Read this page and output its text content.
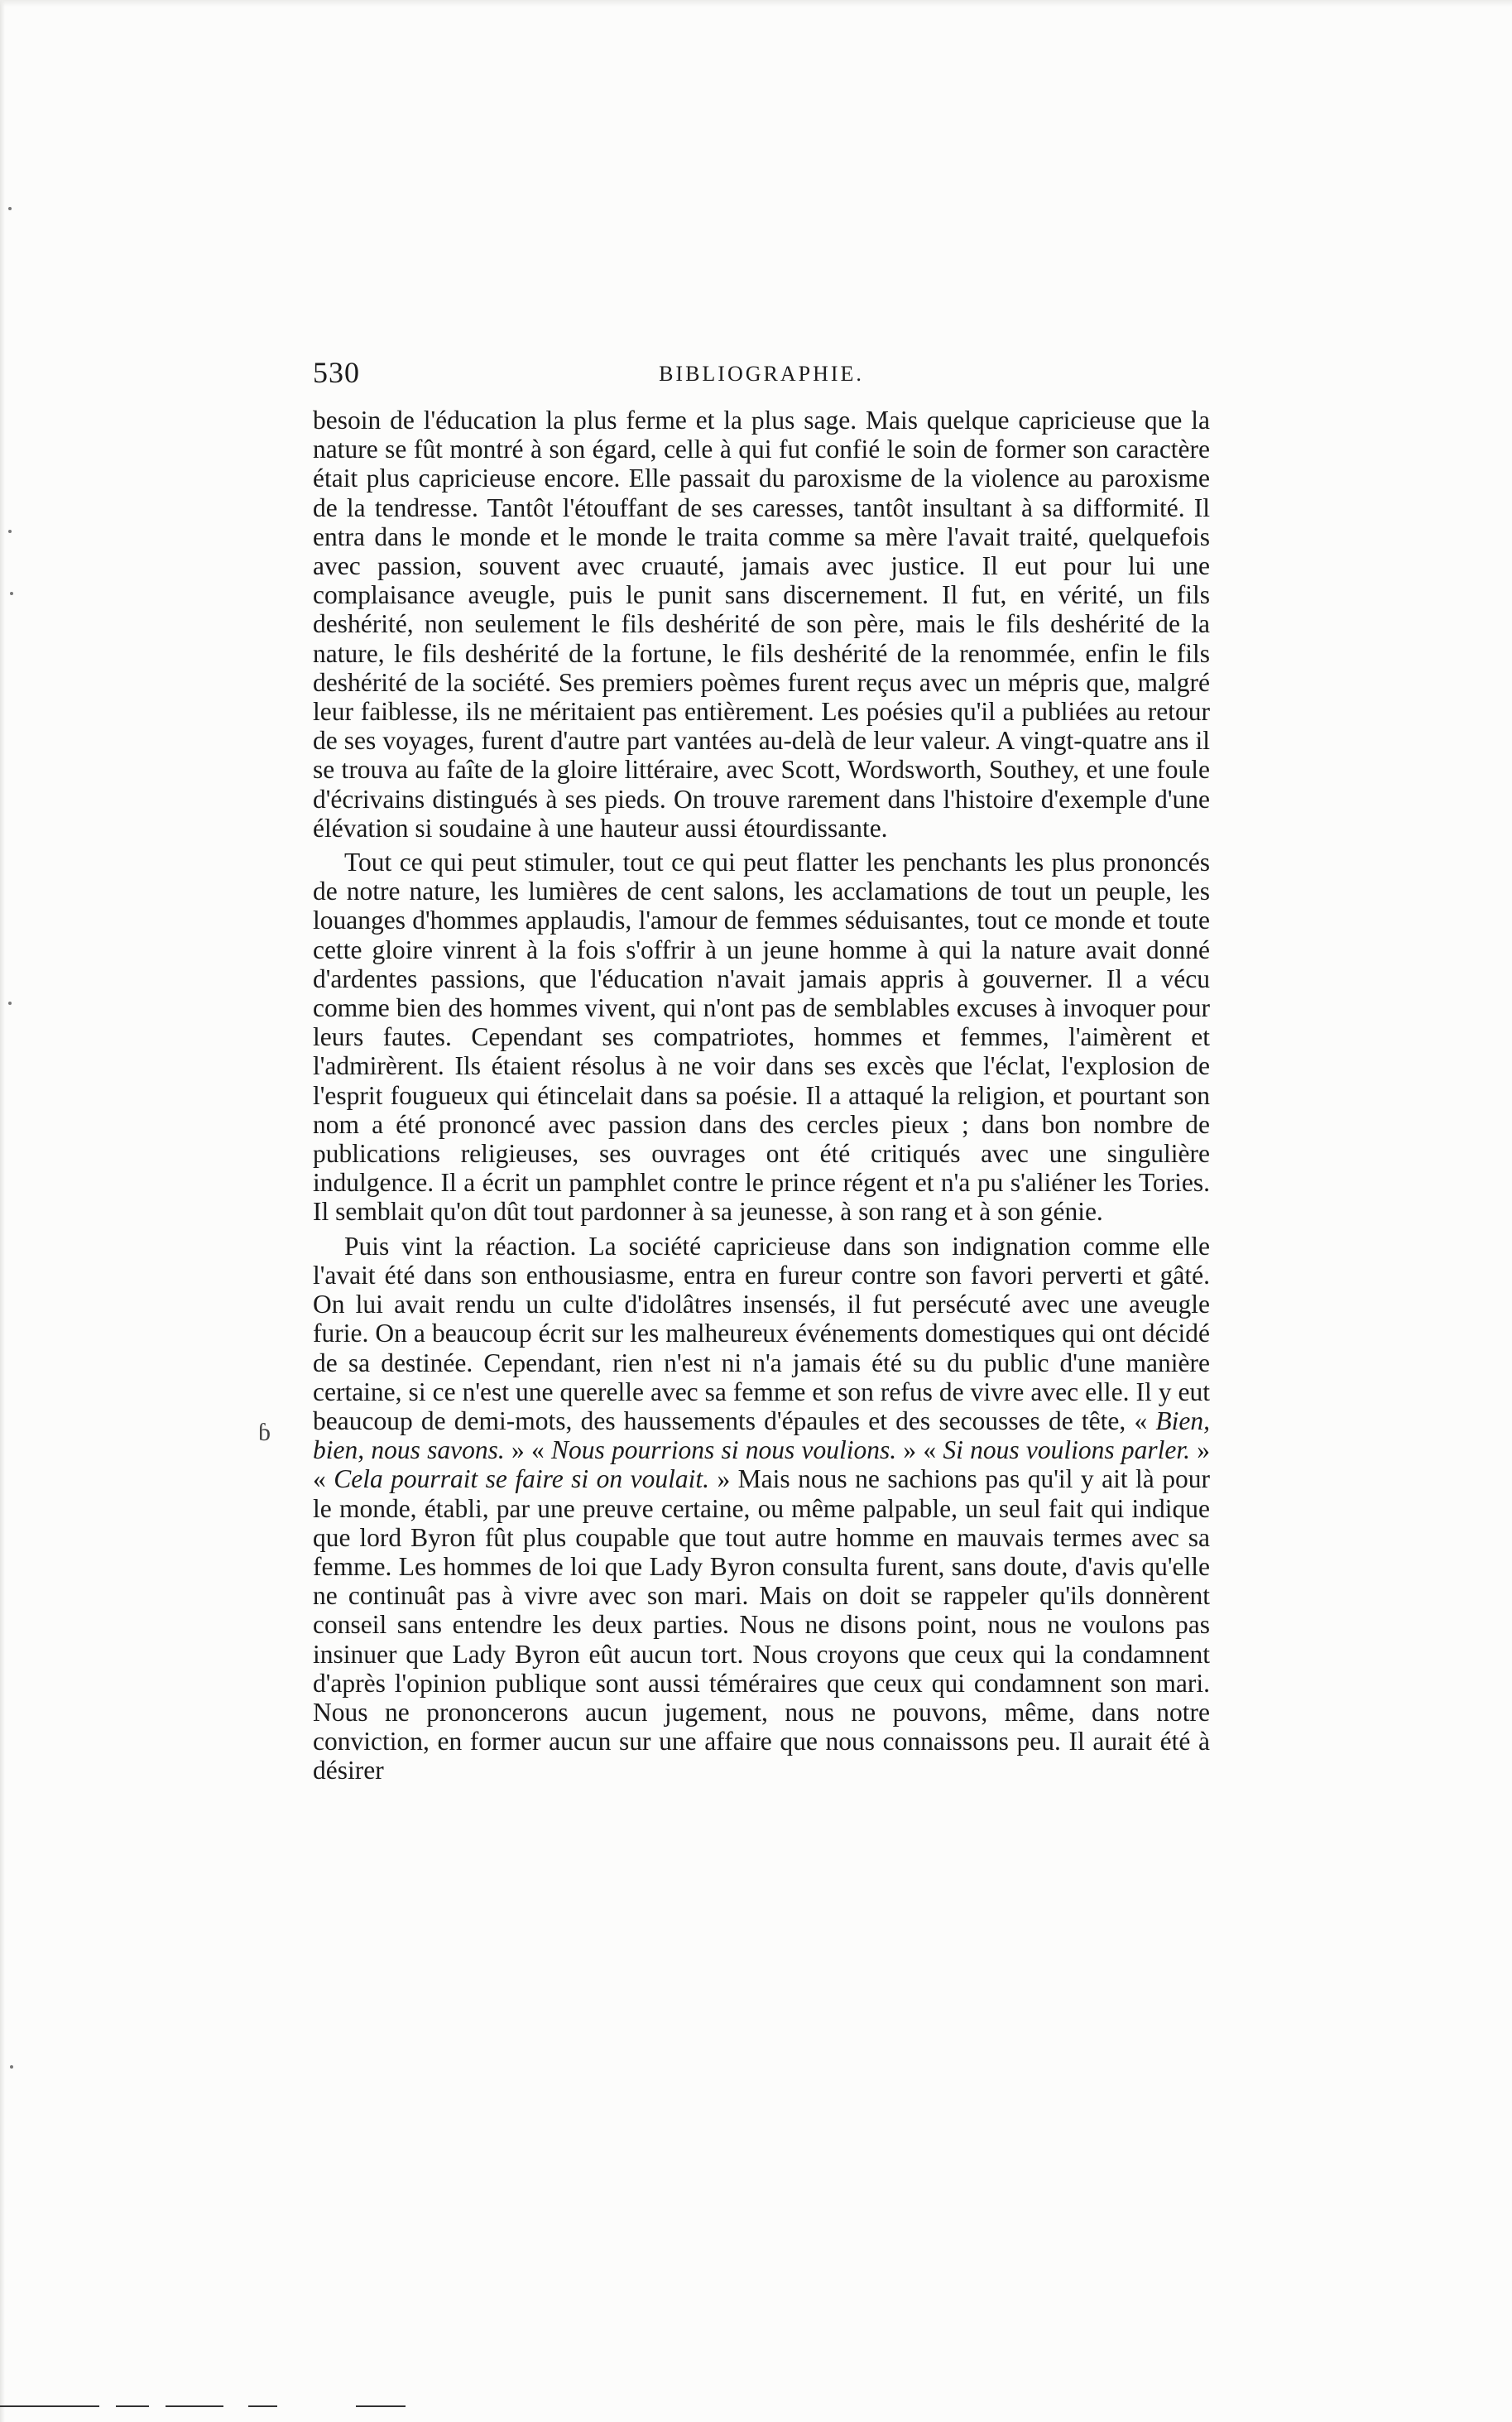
ɓ
530	BIBLIOGRAPHIE.

besoin de l'éducation la plus ferme et la plus sage. Mais quelque capricieuse que la nature se fût montré à son égard, celle à qui fut confié le soin de former son caractère était plus capricieuse encore. Elle passait du paroxisme de la violence au paroxisme de la tendresse. Tantôt l'étouffant de ses caresses, tantôt insultant à sa difformité. Il entra dans le monde et le monde le traita comme sa mère l'avait traité, quelquefois avec passion, souvent avec cruauté, jamais avec justice. Il eut pour lui une complaisance aveugle, puis le punit sans discernement. Il fut, en vérité, un fils deshérité, non seulement le fils deshérité de son père, mais le fils deshérité de la nature, le fils deshérité de la fortune, le fils deshérité de la renommée, enfin le fils deshérité de la société. Ses premiers poèmes furent reçus avec un mépris que, malgré leur faiblesse, ils ne méritaient pas entièrement. Les poésies qu'il a publiées au retour de ses voyages, furent d'autre part vantées au-delà de leur valeur. A vingt-quatre ans il se trouva au faîte de la gloire littéraire, avec Scott, Wordsworth, Southey, et une foule d'écrivains distingués à ses pieds. On trouve rarement dans l'histoire d'exemple d'une élévation si soudaine à une hauteur aussi étourdissante.

Tout ce qui peut stimuler, tout ce qui peut flatter les penchants les plus prononcés de notre nature, les lumières de cent salons, les acclamations de tout un peuple, les louanges d'hommes applaudis, l'amour de femmes séduisantes, tout ce monde et toute cette gloire vinrent à la fois s'offrir à un jeune homme à qui la nature avait donné d'ardentes passions, que l'éducation n'avait jamais appris à gouverner. Il a vécu comme bien des hommes vivent, qui n'ont pas de semblables excuses à invoquer pour leurs fautes. Cependant ses compatriotes, hommes et femmes, l'aimèrent et l'admirèrent. Ils étaient résolus à ne voir dans ses excès que l'éclat, l'explosion de l'esprit fougueux qui étincelait dans sa poésie. Il a attaqué la religion, et pourtant son nom a été prononcé avec passion dans des cercles pieux ; dans bon nombre de publications religieuses, ses ouvrages ont été critiqués avec une singulière indulgence. Il a écrit un pamphlet contre le prince régent et n'a pu s'aliéner les Tories. Il semblait qu'on dût tout pardonner à sa jeunesse, à son rang et à son génie.

Puis vint la réaction. La société capricieuse dans son indignation comme elle l'avait été dans son enthousiasme, entra en fureur contre son favori perverti et gâté. On lui avait rendu un culte d'idolâtres insensés, il fut persécuté avec une aveugle furie. On a beaucoup écrit sur les malheureux événements domestiques qui ont décidé de sa destinée. Cependant, rien n'est ni n'a jamais été su du public d'une manière certaine, si ce n'est une querelle avec sa femme et son refus de vivre avec elle. Il y eut beaucoup de demi-mots, des haussements d'épaules et des secousses de tête, « Bien, bien, nous savons. » « Nous pourrions si nous voulions. » « Si nous voulions parler. » « Cela pourrait se faire si on voulait. » Mais nous ne sachions pas qu'il y ait là pour le monde, établi, par une preuve certaine, ou même palpable, un seul fait qui indique que lord Byron fût plus coupable que tout autre homme en mauvais termes avec sa femme. Les hommes de loi que Lady Byron consulta furent, sans doute, d'avis qu'elle ne continuât pas à vivre avec son mari. Mais on doit se rappeler qu'ils donnèrent conseil sans entendre les deux parties. Nous ne disons point, nous ne voulons pas insinuer que Lady Byron eût aucun tort. Nous croyons que ceux qui la condamnent d'après l'opinion publique sont aussi téméraires que ceux qui condamnent son mari. Nous ne prononcerons aucun jugement, nous ne pouvons, même, dans notre conviction, en former aucun sur une affaire que nous connaissons peu. Il aurait été à désirer
